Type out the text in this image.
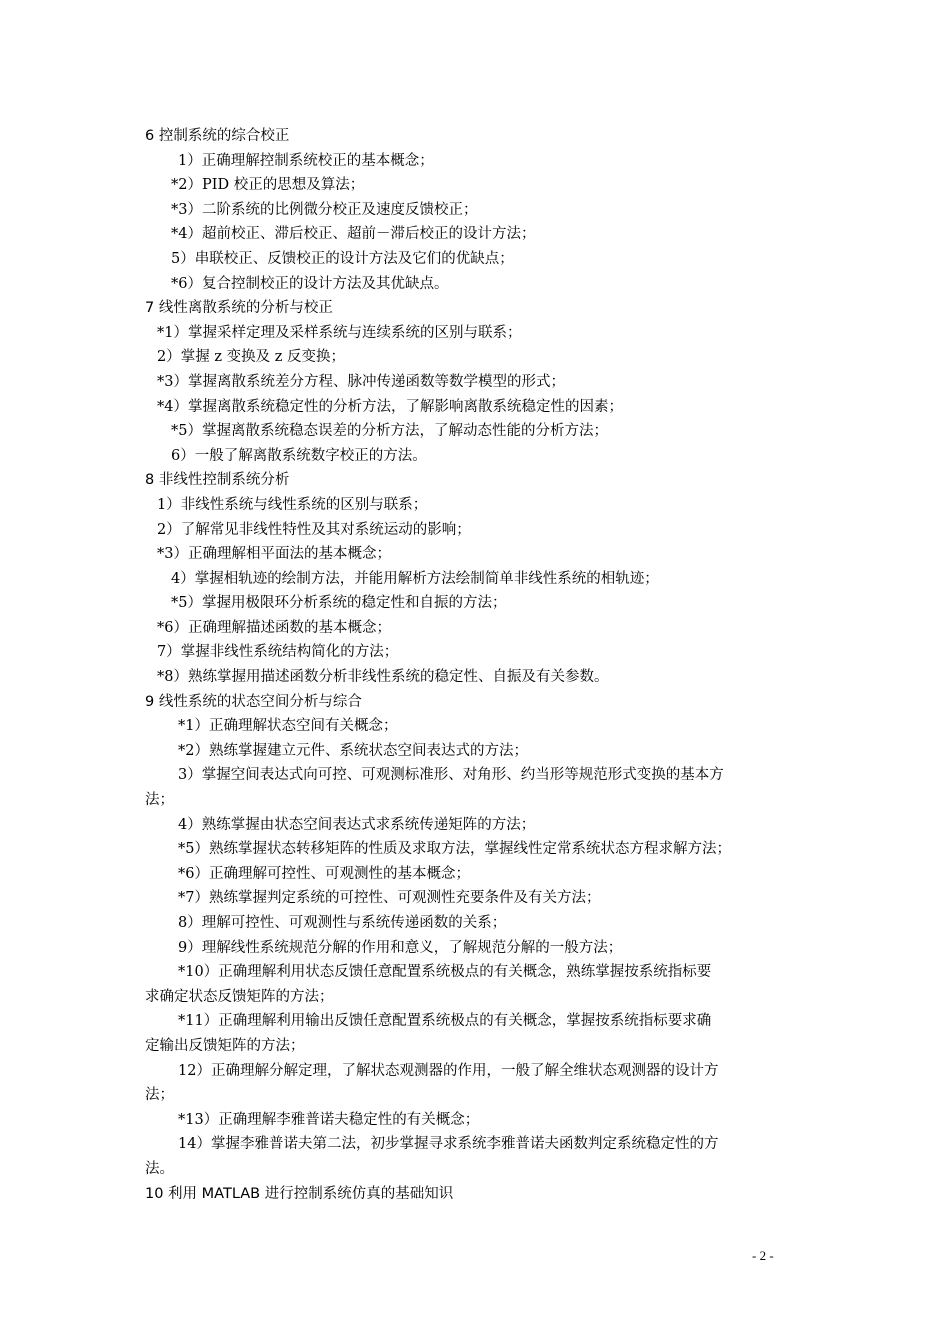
6 控制系统的综合校正
1）正确理解控制系统校正的基本概念；
*2）PID 校正的思想及算法；
*3）二阶系统的比例微分校正及速度反馈校正；
*4）超前校正、滞后校正、超前－滞后校正的设计方法；
5）串联校正、反馈校正的设计方法及它们的优缺点；
*6）复合控制校正的设计方法及其优缺点。
7 线性离散系统的分析与校正
*1）掌握采样定理及采样系统与连续系统的区别与联系；
2）掌握 z 变换及 z 反变换；
*3）掌握离散系统差分方程、脉冲传递函数等数学模型的形式；
*4）掌握离散系统稳定性的分析方法，了解影响离散系统稳定性的因素；
*5）掌握离散系统稳态误差的分析方法，了解动态性能的分析方法；
6）一般了解离散系统数字校正的方法。
8 非线性控制系统分析
1）非线性系统与线性系统的区别与联系；
2）了解常见非线性特性及其对系统运动的影响；
*3）正确理解相平面法的基本概念；
4）掌握相轨迹的绘制方法，并能用解析方法绘制简单非线性系统的相轨迹；
*5）掌握用极限环分析系统的稳定性和自振的方法；
*6）正确理解描述函数的基本概念；
7）掌握非线性系统结构简化的方法；
*8）熟练掌握用描述函数分析非线性系统的稳定性、自振及有关参数。
9 线性系统的状态空间分析与综合
*1）正确理解状态空间有关概念；
*2）熟练掌握建立元件、系统状态空间表达式的方法；
3）掌握空间表达式向可控、可观测标准形、对角形、约当形等规范形式变换的基本方
法；
4）熟练掌握由状态空间表达式求系统传递矩阵的方法；
*5）熟练掌握状态转移矩阵的性质及求取方法，掌握线性定常系统状态方程求解方法；
*6）正确理解可控性、可观测性的基本概念；
*7）熟练掌握判定系统的可控性、可观测性充要条件及有关方法；
8）理解可控性、可观测性与系统传递函数的关系；
9）理解线性系统规范分解的作用和意义，了解规范分解的一般方法；
*10）正确理解利用状态反馈任意配置系统极点的有关概念，熟练掌握按系统指标要
求确定状态反馈矩阵的方法；
*11）正确理解利用输出反馈任意配置系统极点的有关概念，掌握按系统指标要求确
定输出反馈矩阵的方法；
12）正确理解分解定理，了解状态观测器的作用，一般了解全维状态观测器的设计方
法；
*13）正确理解李雅普诺夫稳定性的有关概念；
14）掌握李雅普诺夫第二法，初步掌握寻求系统李雅普诺夫函数判定系统稳定性的方
法。
10 利用 MATLAB 进行控制系统仿真的基础知识
- 2 -
